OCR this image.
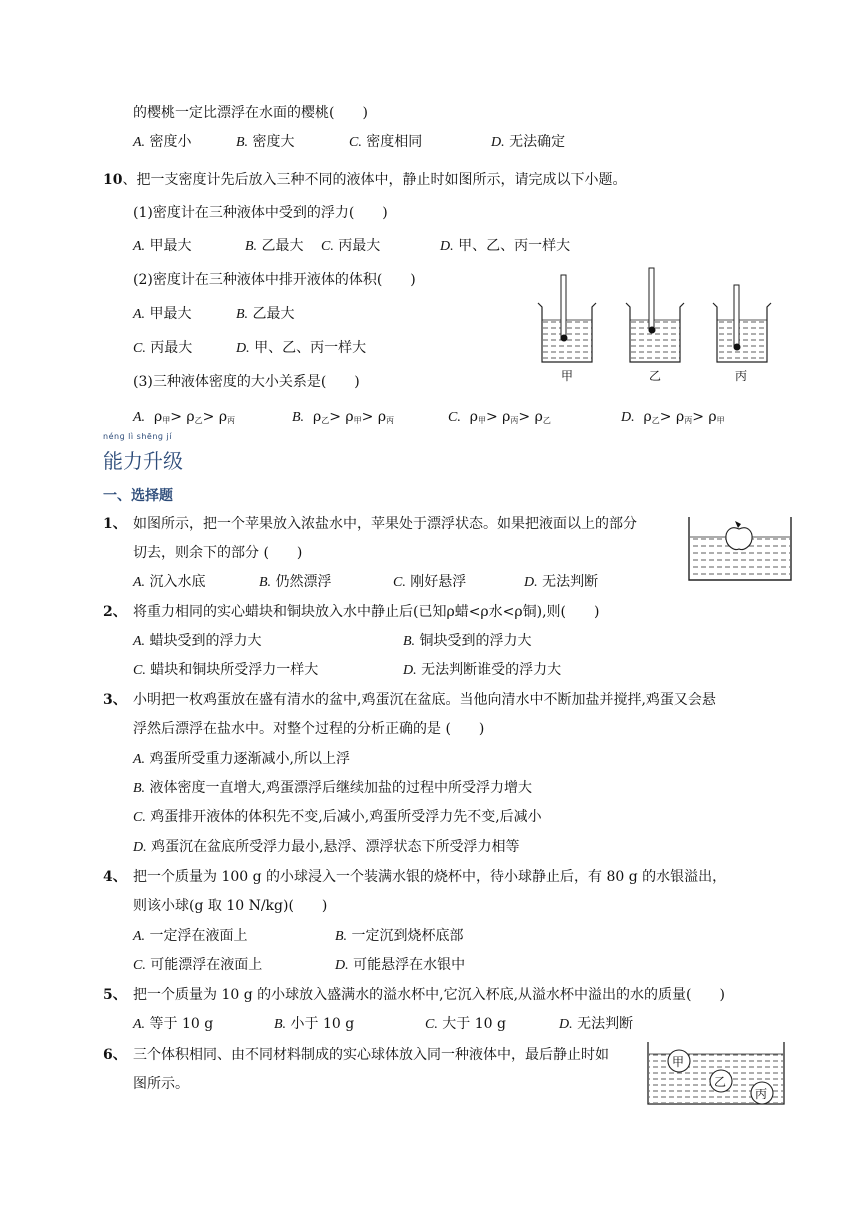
的樱桃一定比漂浮在水面的樱桃(　　)
A. 密度小	B. 密度大	C. 密度相同	D. 无法确定
10、把一支密度计先后放入三种不同的液体中，静止时如图所示，请完成以下小题。
(1)密度计在三种液体中受到的浮力(　　)
A. 甲最大	B. 乙最大 C. 丙最大	D. 甲、乙、丙一样大
(2)密度计在三种液体中排开液体的体积(　　)
A. 甲最大	B. 乙最大
C. 丙最大	D. 甲、乙、丙一样大
(3)三种液体密度的大小关系是(　　)
A. $\rho_甲> \rho_乙> \rho_丙$	B. $\rho_乙> \rho_甲> \rho_丙$	C. $\rho_甲> \rho_丙> \rho_乙$	D. $\rho_乙> \rho_丙> \rho_甲$
甲	乙	丙
nénɡ lì shēnɡ jí
能力升级
一、选择题
1、 如图所示，把一个苹果放入浓盐水中，苹果处于漂浮状态。如果把液面以上的部分
切去，则余下的部分 (　　)
A. 沉入水底	B. 仍然漂浮	C. 刚好悬浮	D. 无法判断
2、 将重力相同的实心蜡块和铜块放入水中静止后(已知ρ蜡<ρ水<ρ铜),则(　　)
A. 蜡块受到的浮力大	B. 铜块受到的浮力大
C. 蜡块和铜块所受浮力一样大	D. 无法判断谁受的浮力大
3、 小明把一枚鸡蛋放在盛有清水的盆中,鸡蛋沉在盆底。当他向清水中不断加盐并搅拌,鸡蛋又会悬
浮然后漂浮在盐水中。对整个过程的分析正确的是 (　　)
A. 鸡蛋所受重力逐渐减小,所以上浮
B. 液体密度一直增大,鸡蛋漂浮后继续加盐的过程中所受浮力增大
C. 鸡蛋排开液体的体积先不变,后减小,鸡蛋所受浮力先不变,后减小
D. 鸡蛋沉在盆底所受浮力最小,悬浮、漂浮状态下所受浮力相等
4、 把一个质量为 100 g 的小球浸入一个装满水银的烧杯中，待小球静止后，有 80 g 的水银溢出，
则该小球(g 取 10 N/kg)(　　)
A. 一定浮在液面上	B. 一定沉到烧杯底部
C. 可能漂浮在液面上	D. 可能悬浮在水银中
5、 把一个质量为 10 g 的小球放入盛满水的溢水杯中,它沉入杯底,从溢水杯中溢出的水的质量(　　)
A. 等于 10 g	B. 小于 10 g	C. 大于 10 g	D. 无法判断
6、 三个体积相同、由不同材料制成的实心球体放入同一种液体中，最后静止时如
图所示。
甲
乙
丙
